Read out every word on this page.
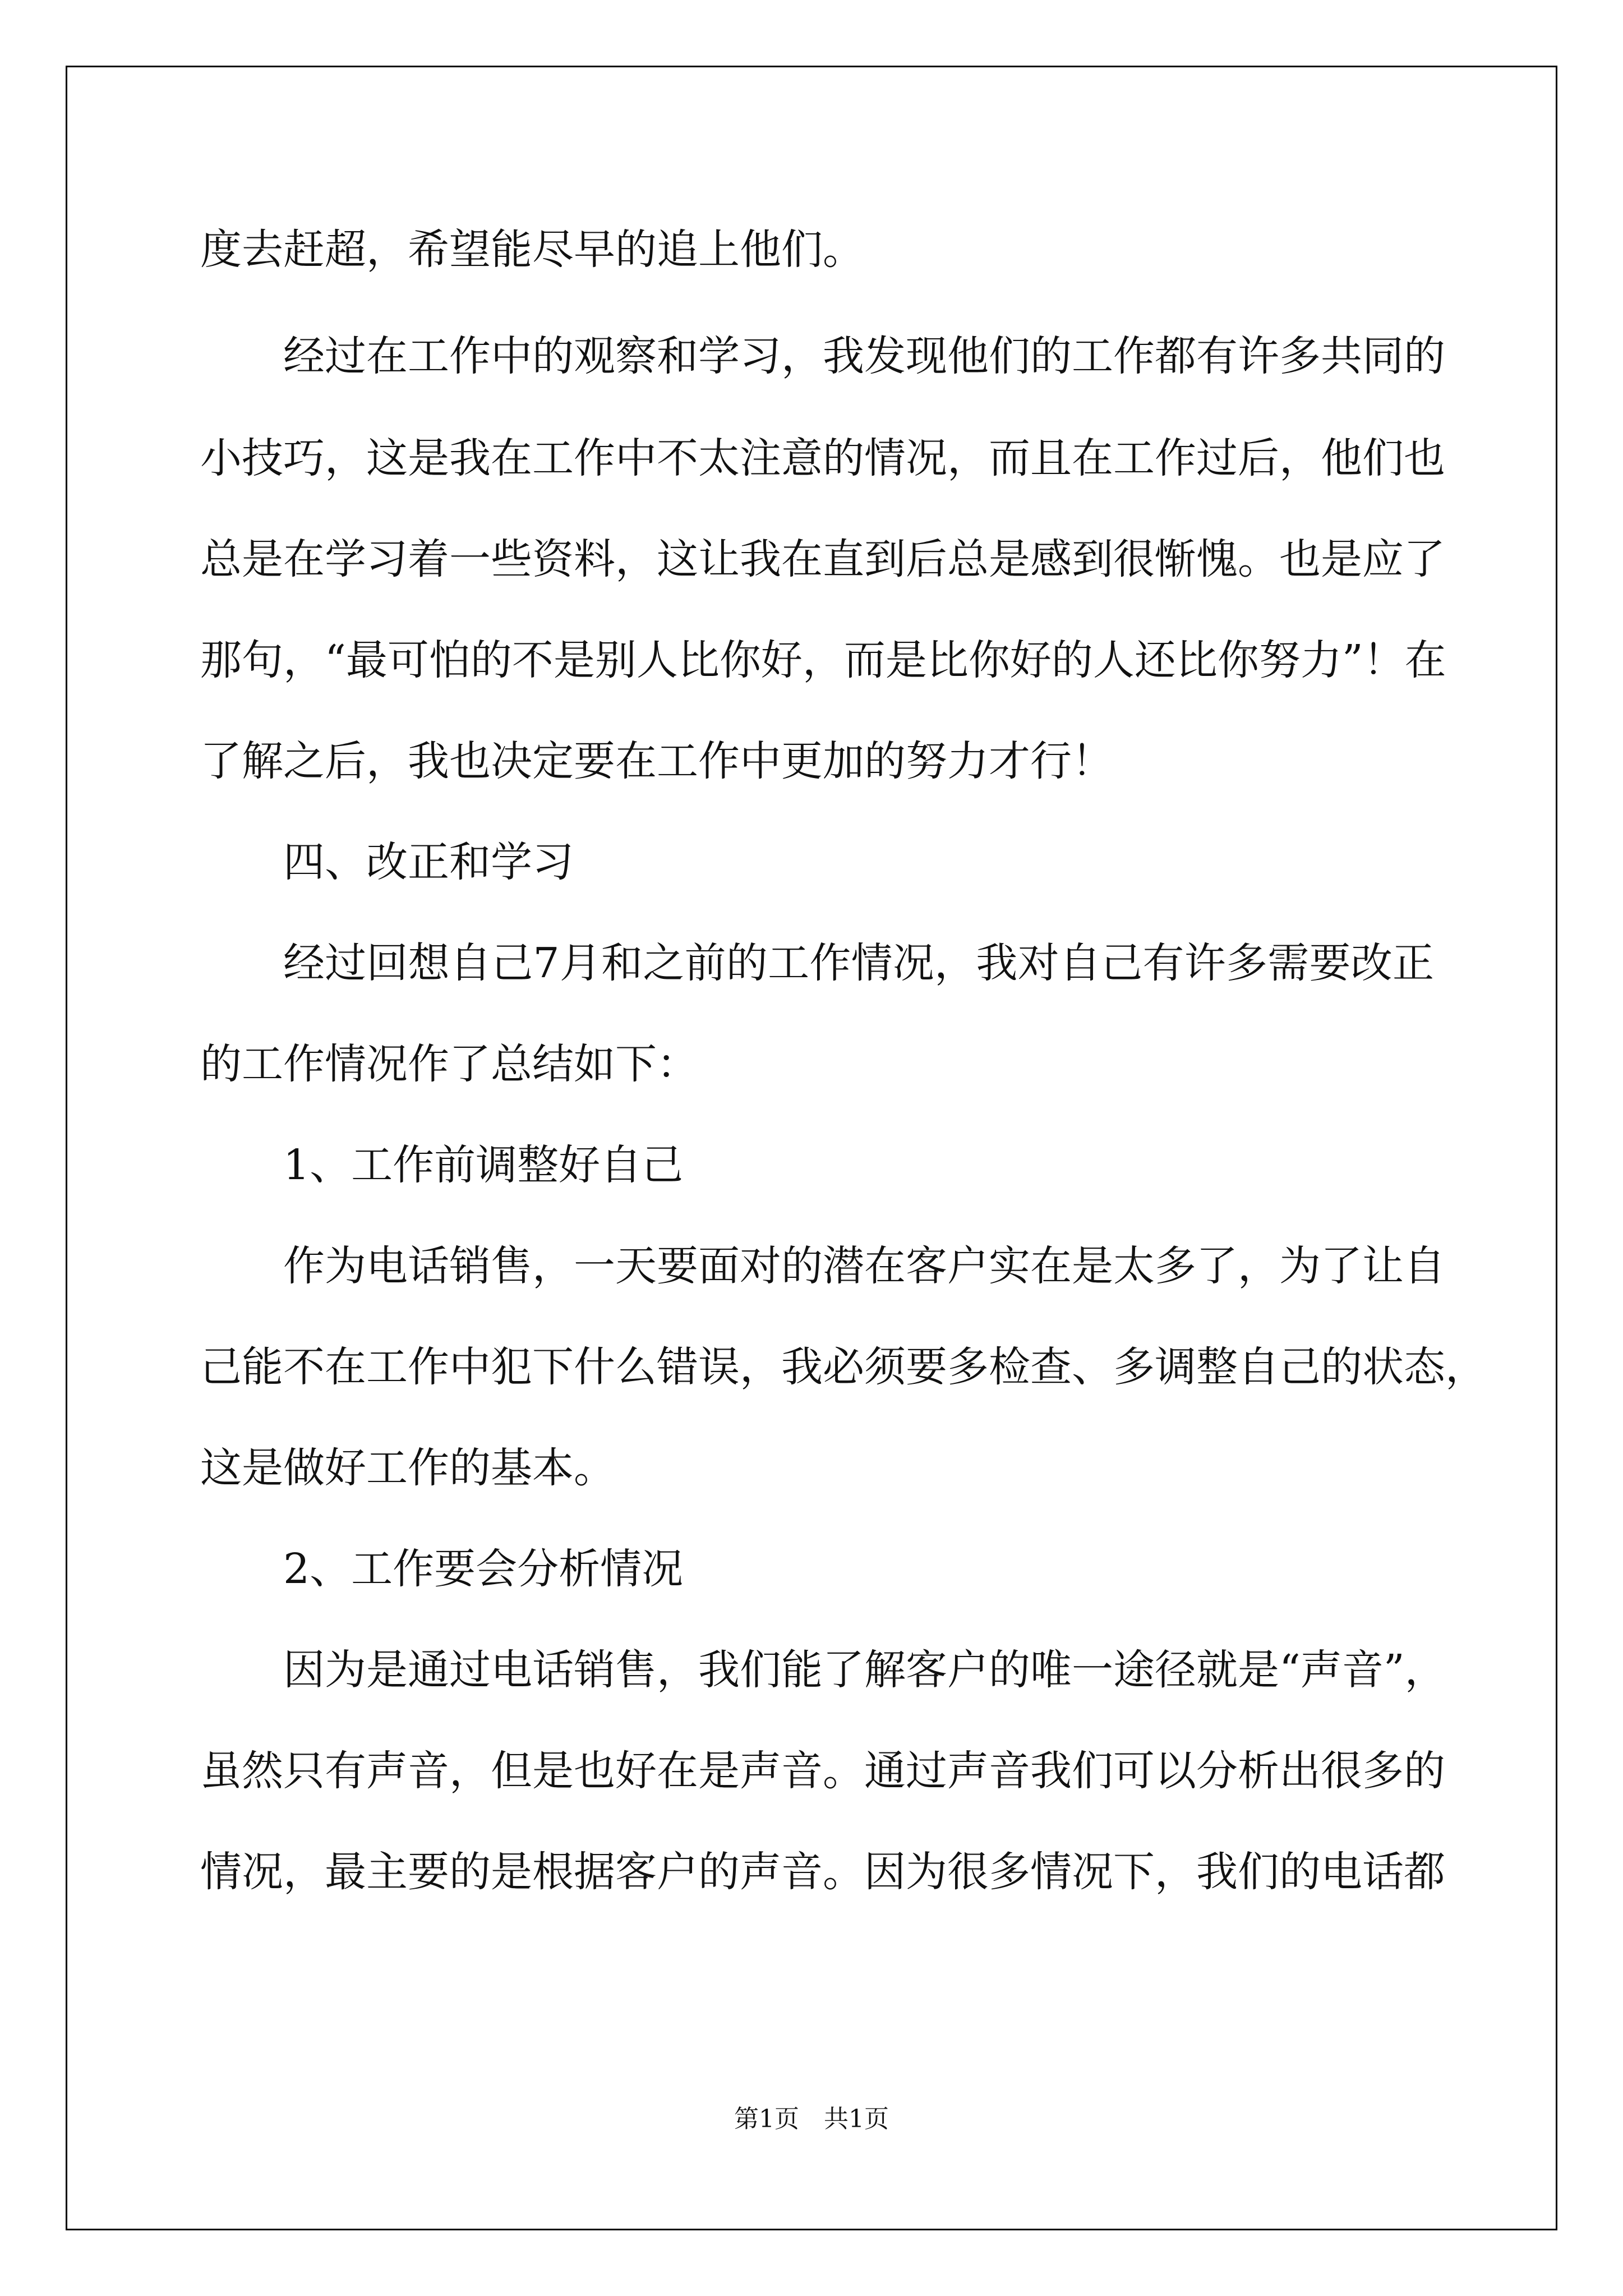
度去赶超，希望能尽早的追上他们。
经过在工作中的观察和学习，我发现他们的工作都有许多共同的
小技巧，这是我在工作中不太注意的情况，而且在工作过后，他们也
总是在学习着一些资料，这让我在直到后总是感到很惭愧。也是应了
那句，“最可怕的不是别人比你好，而是比你好的人还比你努力”！在
了解之后，我也决定要在工作中更加的努力才行！
四、改正和学习
经过回想自己7月和之前的工作情况，我对自己有许多需要改正
的工作情况作了总结如下：
1、工作前调整好自己
作为电话销售，一天要面对的潜在客户实在是太多了，为了让自
己能不在工作中犯下什么错误，我必须要多检查、多调整自己的状态，
这是做好工作的基本。
2、工作要会分析情况
因为是通过电话销售，我们能了解客户的唯一途径就是“声音”，
虽然只有声音，但是也好在是声音。通过声音我们可以分析出很多的
情况，最主要的是根据客户的声音。因为很多情况下，我们的电话都
第1页　共1页
